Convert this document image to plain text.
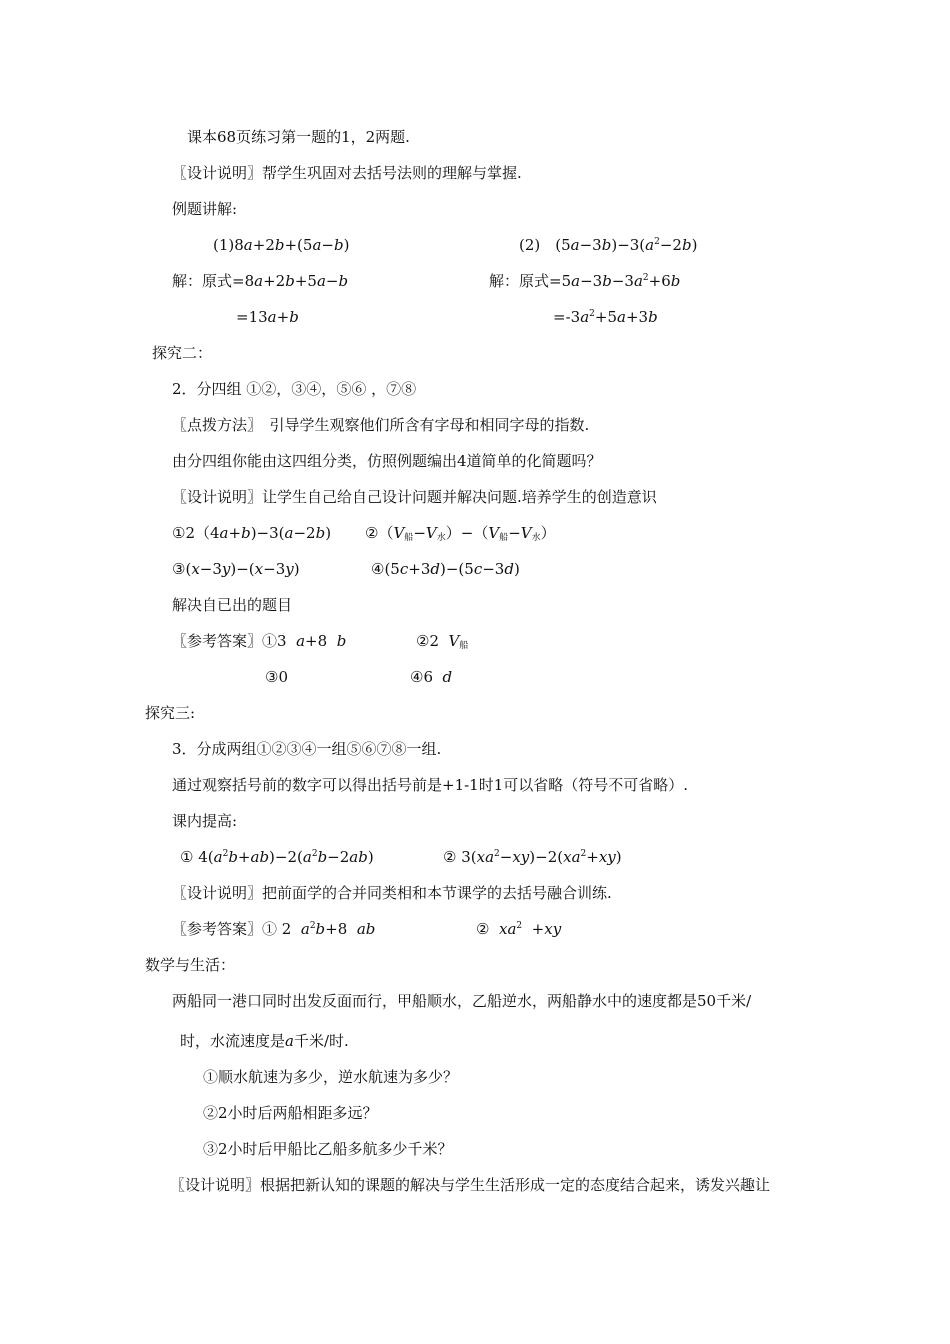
课本68页练习第一题的1，2两题.
〖设计说明〗帮学生巩固对去括号法则的理解与掌握.
例题讲解:
(1)8a+2b+(5a−b)	(2)　$(5a-3b)-3(a^2-2b)$
解：原式=8a+2b+5a−b	解：原式$=5a-3b-3a^2+6b$
=13a+b	$=-3a^2+5a+3b$
探究二：
2．分四组 ①②，③④，⑤⑥ ，⑦⑧
〖点拨方法〗　引导学生观察他们所含有字母和相同字母的指数.
由分四组你能由这四组分类，仿照例题编出4道简单的化简题吗？
〖设计说明〗让学生自己给自己设计问题并解决问题.培养学生的创造意识
①2（4a+b)−3(a−2b) $②(V_船-V_水)-(V_船-V_水)$
③(x−3y)−(x−3y)	④(5c+3d)−(5c−3d)
解决自已出的题目
〖参考答案〗①3 a+8  b	②2 $V_船$
③0	④6 d
探究三:
3．分成两组①②③④一组⑤⑥⑦⑧一组.
通过观察括号前的数字可以得出括号前是+1-1时1可以省略（符号不可省略）.
课内提高:
① $4(a^2b+ab)-2(a^2b-2ab)$	② $3(xa^2-xy)-2(xa^2+xy)$
〖设计说明〗把前面学的合并同类相和本节课学的去括号融合训练.
〖参考答案〗① 2 $a^2b+8$  ab	② $xa^2 +xy$
数学与生活：
两船同一港口同时出发反面而行，甲船顺水，乙船逆水，两船静水中的速度都是50千米/
时，水流速度是a千米/时.
①顺水航速为多少，逆水航速为多少？
②2小时后两船相距多远？
③2小时后甲船比乙船多航多少千米？
〖设计说明〗根据把新认知的课题的解决与学生生活形成一定的态度结合起来，诱发兴趣让
